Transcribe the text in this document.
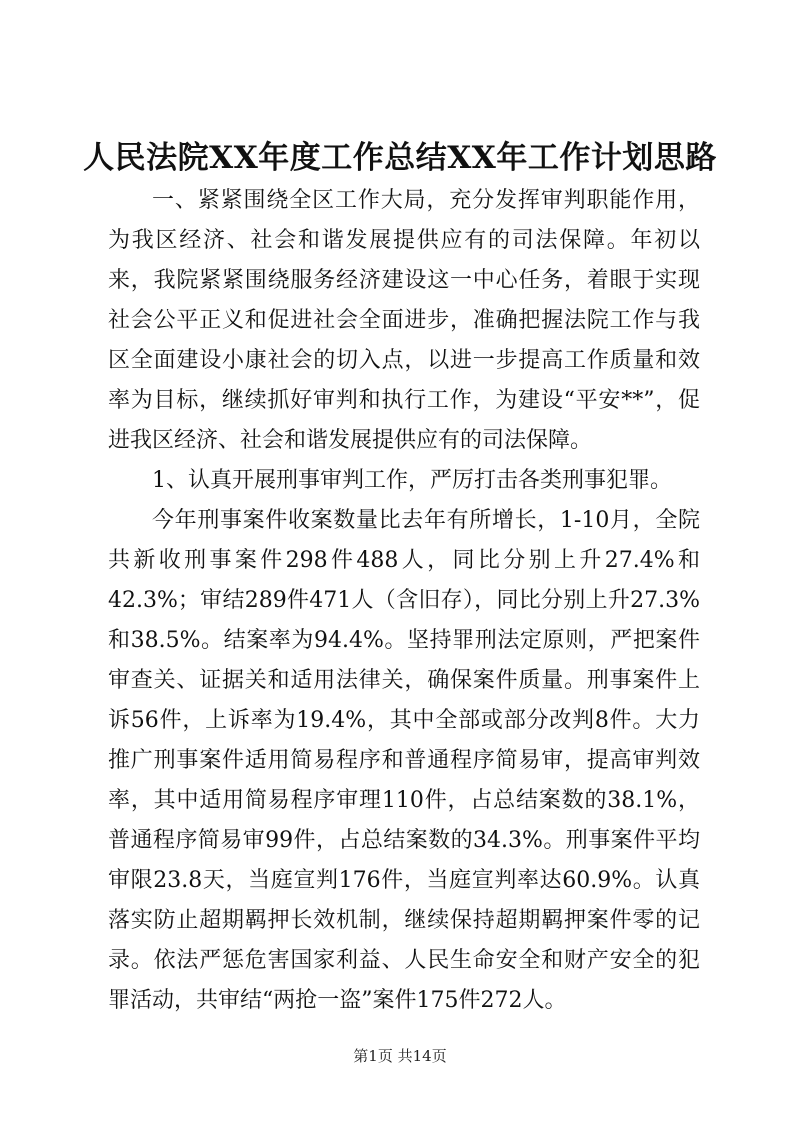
人民法院XX年度工作总结XX年工作计划思路

一、紧紧围绕全区工作大局，充分发挥审判职能作用，为我区经济、社会和谐发展提供应有的司法保障。年初以来，我院紧紧围绕服务经济建设这一中心任务，着眼于实现社会公平正义和促进社会全面进步，准确把握法院工作与我区全面建设小康社会的切入点，以进一步提高工作质量和效率为目标，继续抓好审判和执行工作，为建设“平安**”，促进我区经济、社会和谐发展提供应有的司法保障。

1、认真开展刑事审判工作，严厉打击各类刑事犯罪。

今年刑事案件收案数量比去年有所增长，1-10月，全院共新收刑事案件298件488人，同比分别上升27.4%和42.3%；审结289件471人（含旧存），同比分别上升27.3%和38.5%。结案率为94.4%。坚持罪刑法定原则，严把案件审查关、证据关和适用法律关，确保案件质量。刑事案件上诉56件，上诉率为19.4%，其中全部或部分改判8件。大力推广刑事案件适用简易程序和普通程序简易审，提高审判效率，其中适用简易程序审理110件，占总结案数的38.1%，普通程序简易审99件，占总结案数的34.3%。刑事案件平均审限23.8天，当庭宣判176件，当庭宣判率达60.9%。认真落实防止超期羁押长效机制，继续保持超期羁押案件零的记录。依法严惩危害国家利益、人民生命安全和财产安全的犯罪活动，共审结“两抢一盗”案件175件272人。

第1页 共14页
